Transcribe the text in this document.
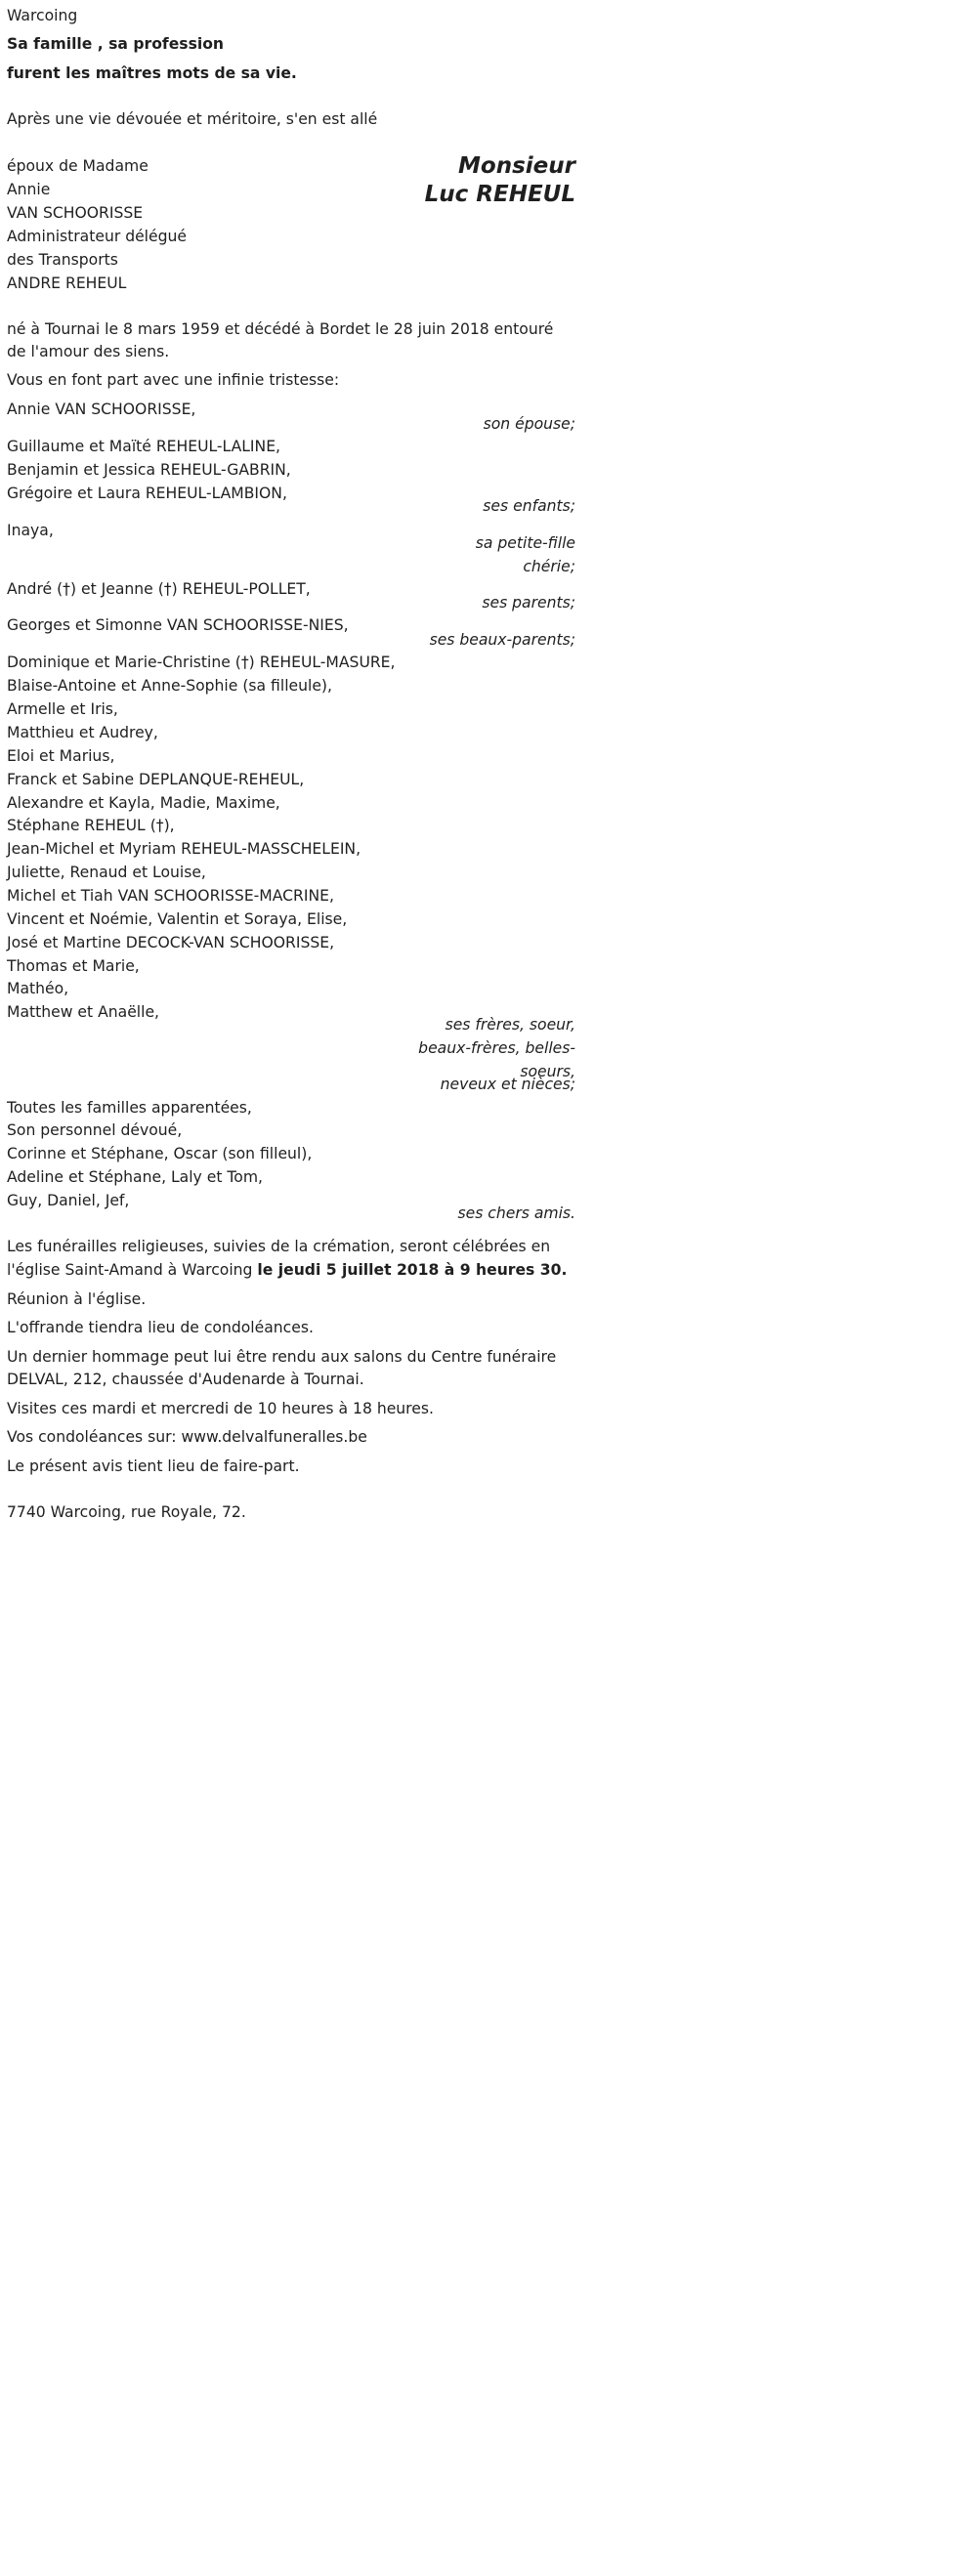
Warcoing
Sa famille , sa profession
furent les maîtres mots de sa vie.
Après une vie dévouée et méritoire, s'en est allé
Monsieur
Luc REHEUL
époux de Madame
Annie
VAN SCHOORISSE
Administrateur délégué
des Transports
ANDRE REHEUL
né à Tournai le 8 mars 1959 et décédé à Bordet le 28 juin 2018 entouré
de l'amour des siens.
Vous en font part avec une infinie tristesse:
Annie VAN SCHOORISSE,
son épouse;
Guillaume et Maïté REHEUL-LALINE,
Benjamin et Jessica REHEUL-GABRIN,
Grégoire et Laura REHEUL-LAMBION,
ses enfants;
Inaya,
sa petite-fille
chérie;
André (†) et Jeanne (†) REHEUL-POLLET,
ses parents;
Georges et Simonne VAN SCHOORISSE-NIES,
ses beaux-parents;
Dominique et Marie-Christine (†) REHEUL-MASURE,
Blaise-Antoine et Anne-Sophie (sa filleule),
Armelle et Iris,
Matthieu et Audrey,
Eloi et Marius,
Franck et Sabine DEPLANQUE-REHEUL,
Alexandre et Kayla, Madie, Maxime,
Stéphane REHEUL (†),
Jean-Michel et Myriam REHEUL-MASSCHELEIN,
Juliette, Renaud et Louise,
Michel et Tiah VAN SCHOORISSE-MACRINE,
Vincent et Noémie, Valentin et Soraya, Elise,
José et Martine DECOCK-VAN SCHOORISSE,
Thomas et Marie,
Mathéo,
Matthew et Anaëlle,
ses frères, soeur,
beaux-frères, belles-
soeurs,
neveux et nièces;
Toutes les familles apparentées,
Son personnel dévoué,
Corinne et Stéphane, Oscar (son filleul),
Adeline et Stéphane, Laly et Tom,
Guy, Daniel, Jef,
ses chers amis.
Les funérailles religieuses, suivies de la crémation, seront célébrées en
l'église Saint-Amand à Warcoing le jeudi 5 juillet 2018 à 9 heures 30.
Réunion à l'église.
L'offrande tiendra lieu de condoléances.
Un dernier hommage peut lui être rendu aux salons du Centre funéraire
DELVAL, 212, chaussée d'Audenarde à Tournai.
Visites ces mardi et mercredi de 10 heures à 18 heures.
Vos condoléances sur: www.delvalfuneralles.be
Le présent avis tient lieu de faire-part.
7740 Warcoing, rue Royale, 72.
